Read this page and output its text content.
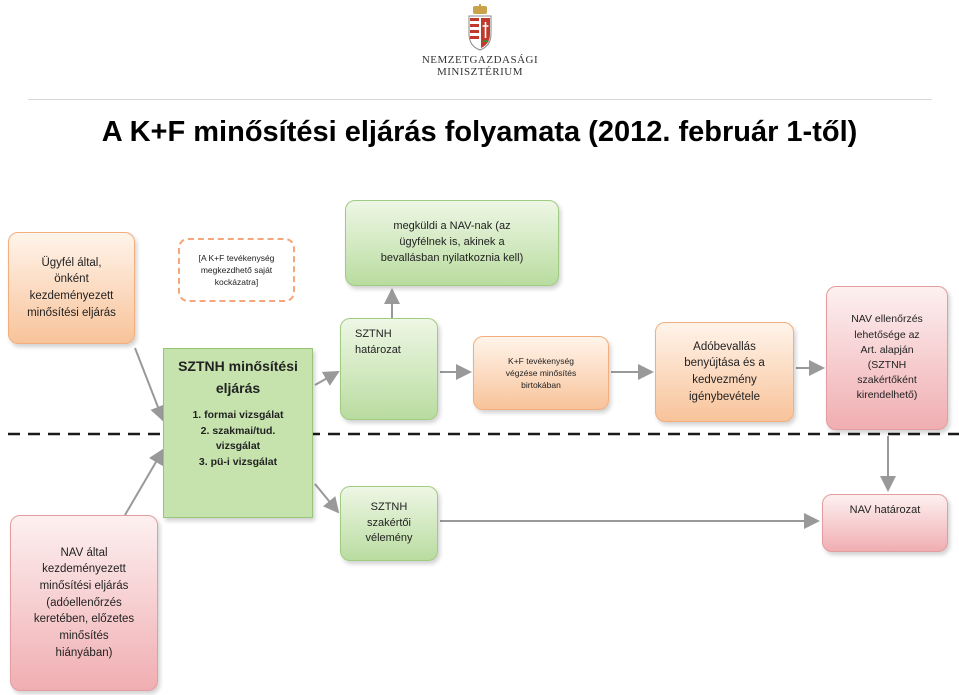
NEMZETGAZDASÁGI
MINISZTÉRIUM
A K+F minősítési eljárás folyamata (2012. február 1-től)
Ügyfél által,
önként
kezdeményezett
minősítési eljárás
[A K+F tevékenység
megkezdhető saját
kockázatra]
megküldi a NAV-nak (az
ügyfélnek is, akinek a
bevallásban nyilatkoznia kell)
SZTNH minősítési
eljárás
1. formai vizsgálat
2. szakmai/tud.
vizsgálat
3. pü-i vizsgálat
SZTNH
határozat
K+F tevékenység
végzése minősítés
birtokában
Adóbevallás
benyújtása és a
kedvezmény
igénybevétele
NAV ellenőrzés
lehetősége az
Art. alapján
(SZTNH
szakértőként
kirendelhető)
NAV által
kezdeményezett
minősítési eljárás
(adóellenőrzés
keretében, előzetes
minősítés
hiányában)
SZTNH
szakértői
vélemény
NAV határozat
